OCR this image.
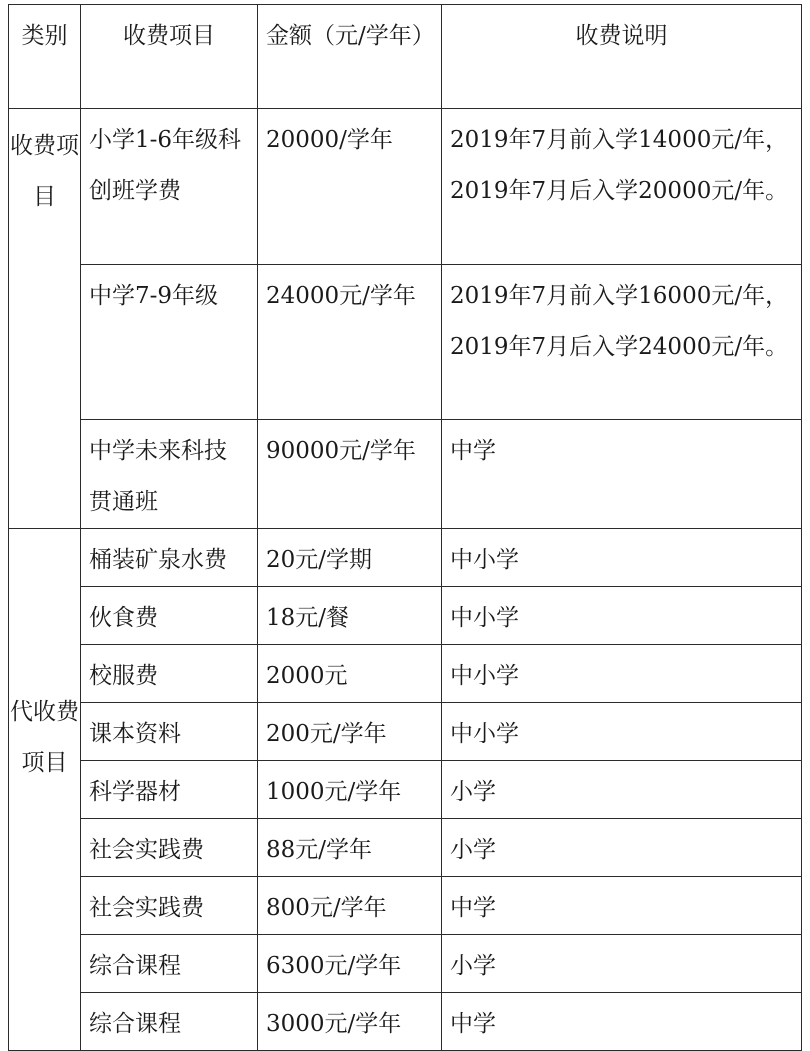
类别	收费项目	金额（元/学年）	收费说明

收费项目	小学1-6年级科创班学费	20000/学年	2019年7月前入学14000元/年，2019年7月后入学20000元/年。

	中学7-9年级	24000元/学年	2019年7月前入学16000元/年，2019年7月后入学24000元/年。

	中学未来科技贯通班	90000元/学年	中学

代收费项目	桶装矿泉水费	20元/学期	中小学

	伙食费	18元/餐	中小学

	校服费	2000元	中小学

	课本资料	200元/学年	中小学

	科学器材	1000元/学年	小学

	社会实践费	88元/学年	小学

	社会实践费	800元/学年	中学

	综合课程	6300元/学年	小学

	综合课程	3000元/学年	中学
